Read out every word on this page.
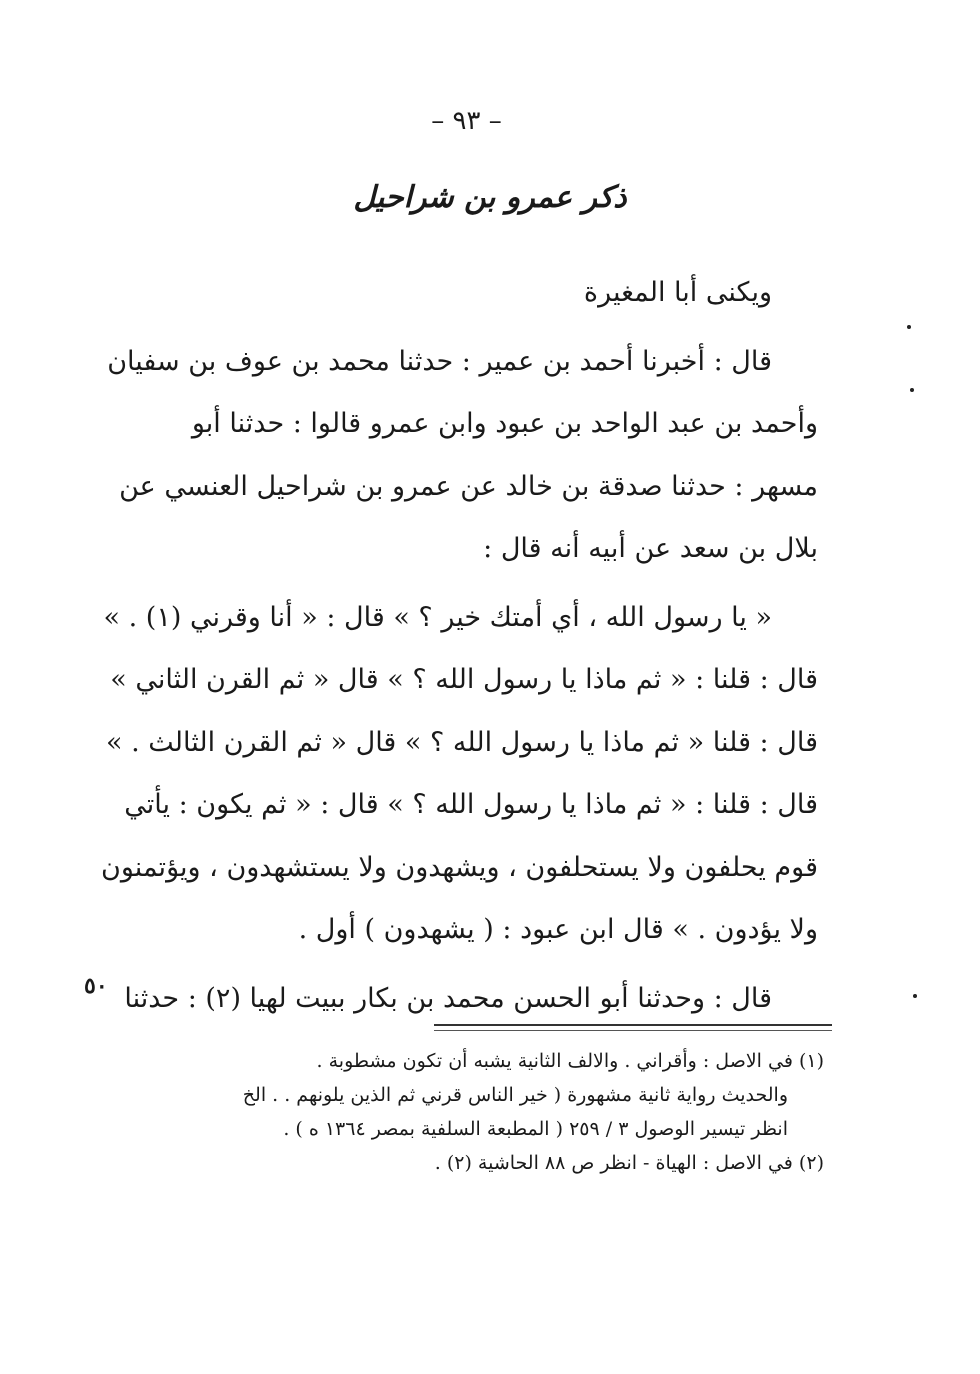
– ٩٣ –
ذكر عمرو بن شراحيل

ويكنى أبا المغيرة

قال : أخبرنا أحمد بن عمير : حدثنا محمد بن عوف بن سفيان

وأحمد بن عبد الواحد بن عبود وابن عمرو قالوا : حدثنا أبو
مسهر : حدثنا صدقة بن خالد عن عمرو بن شراحيل العنسي عن
بلال بن سعد عن أبيه أنه قال :

« يا رسول الله ، أي أمتك خير ؟ » قال : « أنا وقرني (١) . »

قال : قلنا : « ثم ماذا يا رسول الله ؟ » قال « ثم القرن الثاني »
قال : قلنا « ثم ماذا يا رسول الله ؟ » قال « ثم القرن الثالث . »
قال : قلنا : « ثم ماذا يا رسول الله ؟ » قال : « ثم يكون : يأتي
قوم يحلفون ولا يستحلفون ، ويشهدون ولا يستشهدون ، ويؤتمنون
ولا يؤدون . » قال ابن عبود : ( يشهدون ) أول .

قال : وحدثنا أبو الحسن محمد بن بكار ببيت لهيا (٢) : حدثنا

٥٠
(١) في الاصل : وأقراني . والالف الثانية يشبه أن تكون مشطوبة .
والحديث رواية ثانية مشهورة ( خير الناس قرني ثم الذين يلونهم . . الخ
انظر تيسير الوصول ٣ / ٢٥٩ ( المطبعة السلفية بمصر ١٣٦٤ ه ) .
(٢) في الاصل : الهياة - انظر ص ٨٨ الحاشية (٢) .
